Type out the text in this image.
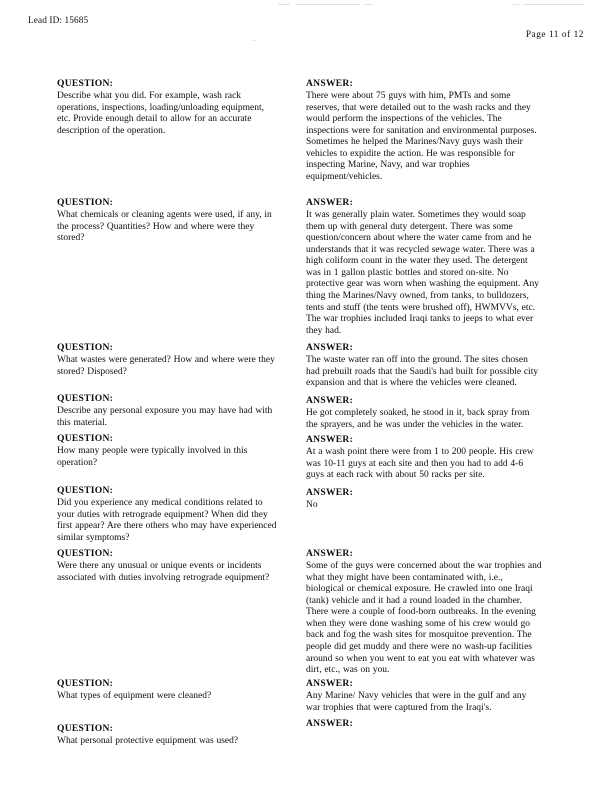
Lead ID: 15685
Page 11 of 12
QUESTION:
Describe what you did. For example, wash rack operations, inspections, loading/unloading equipment, etc. Provide enough detail to allow for an accurate description of the operation.
QUESTION:
What chemicals or cleaning agents were used, if any, in the process? Quantities? How and where were they stored?
QUESTION:
What wastes were generated? How and where were they stored? Disposed?
QUESTION:
Describe any personal exposure you may have had with this material.
QUESTION:
How many people were typically involved in this operation?
QUESTION:
Did you experience any medical conditions related to your duties with retrograde equipment? When did they first appear? Are there others who may have experienced similar symptoms?
QUESTION:
Were there any unusual or unique events or incidents associated with duties involving retrograde equipment?
QUESTION:
What types of equipment were cleaned?
QUESTION:
What personal protective equipment was used?
ANSWER:
There were about 75 guys with him, PMTs and some reserves, that were detailed out to the wash racks and they would perform the inspections of the vehicles. The inspections were for sanitation and environmental purposes. Sometimes he helped the Marines/Navy guys wash their vehicles to expidite the action. He was responsible for inspecting Marine, Navy, and war trophies equipment/vehicles.
ANSWER:
It was generally plain water. Sometimes they would soap them up with general duty detergent. There was some question/concern about where the water came from and he understands that it was recycled sewage water. There was a high coliform count in the water they used. The detergent was in 1 gallon plastic bottles and stored on-site. No protective gear was worn when washing the equipment. Any thing the Marines/Navy owned, from tanks, to bulldozers, tents and stuff (the tents were brushed off), HWMVVs, etc. The war trophies included Iraqi tanks to jeeps to what ever they had.
ANSWER:
The waste water ran off into the ground. The sites chosen had prebuilt roads that the Saudi's had built for possible city expansion and that is where the vehicles were cleaned.
ANSWER:
He got completely soaked, he stood in it, back spray from the sprayers, and he was under the vehicles in the water.
ANSWER:
At a wash point there were from 1 to 200 people. His crew was 10-11 guys at each site and then you had to add 4-6 guys at each rack with about 50 racks per site.
ANSWER:
No
ANSWER:
Some of the guys were concerned about the war trophies and what they might have been contaminated with, i.e., biological or chemical exposure. He crawled into one Iraqi (tank) vehicle and it had a round loaded in the chamber. There were a couple of food-born outbreaks. In the evening when they were done washing some of his crew would go back and fog the wash sites for mosquitoe prevention. The people did get muddy and there were no wash-up facilities around so when you went to eat you eat with whatever was dirt, etc., was on you.
ANSWER:
Any Marine/ Navy vehicles that were in the gulf and any war trophies that were captured from the Iraqi's.
ANSWER:
